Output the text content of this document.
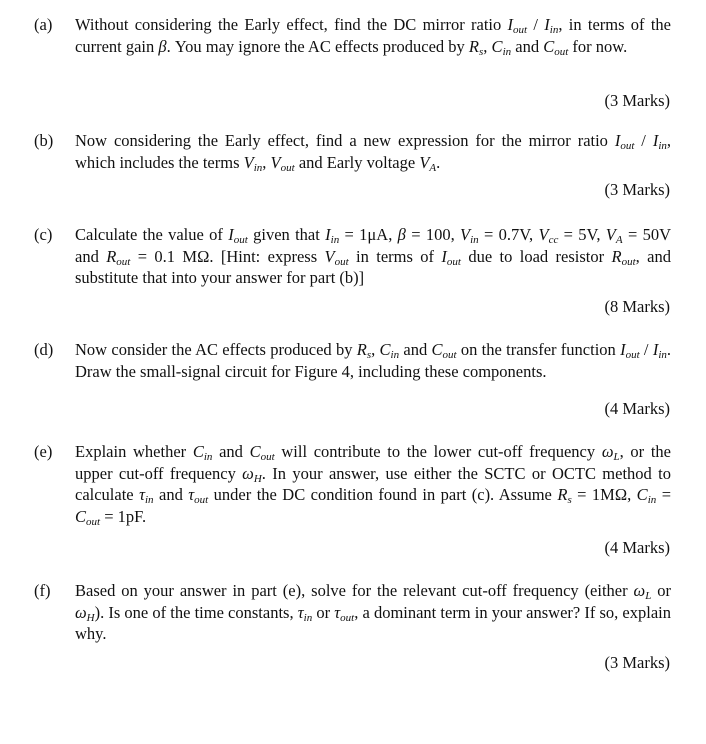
(a) Without considering the Early effect, find the DC mirror ratio $I_{out} / I_{in}$, in terms of the current gain β. You may ignore the AC effects produced by $R_s$, $C_{in}$ and $C_{out}$ for now.
(3 Marks)
(b) Now considering the Early effect, find a new expression for the mirror ratio $I_{out} / I_{in}$, which includes the terms $V_{in}$, $V_{out}$ and Early voltage $V_A$.
(3 Marks)
(c) Calculate the value of $I_{out}$ given that $I_{in} = 1\mu A$, β = 100, $V_{in} = 0.7V$, $V_{cc} = 5V$, $V_A = 50V$ and $R_{out} = 0.1$ MΩ. [Hint: express $V_{out}$ in terms of $I_{out}$ due to load resistor $R_{out}$, and substitute that into your answer for part (b)]
(8 Marks)
(d) Now consider the AC effects produced by $R_s$, $C_{in}$ and $C_{out}$ on the transfer function $I_{out} / I_{in}$. Draw the small-signal circuit for Figure 4, including these components.
(4 Marks)
(e) Explain whether $C_{in}$ and $C_{out}$ will contribute to the lower cut-off frequency $\omega_L$, or the upper cut-off frequency $\omega_H$. In your answer, use either the SCTC or OCTC method to calculate $\tau_{in}$ and $\tau_{out}$ under the DC condition found in part (c). Assume $R_s = 1M\Omega$, $C_{in} = C_{out} = 1pF$.
(4 Marks)
(f) Based on your answer in part (e), solve for the relevant cut-off frequency (either $\omega_L$ or $\omega_H$). Is one of the time constants, $\tau_{in}$ or $\tau_{out}$, a dominant term in your answer? If so, explain why.
(3 Marks)
